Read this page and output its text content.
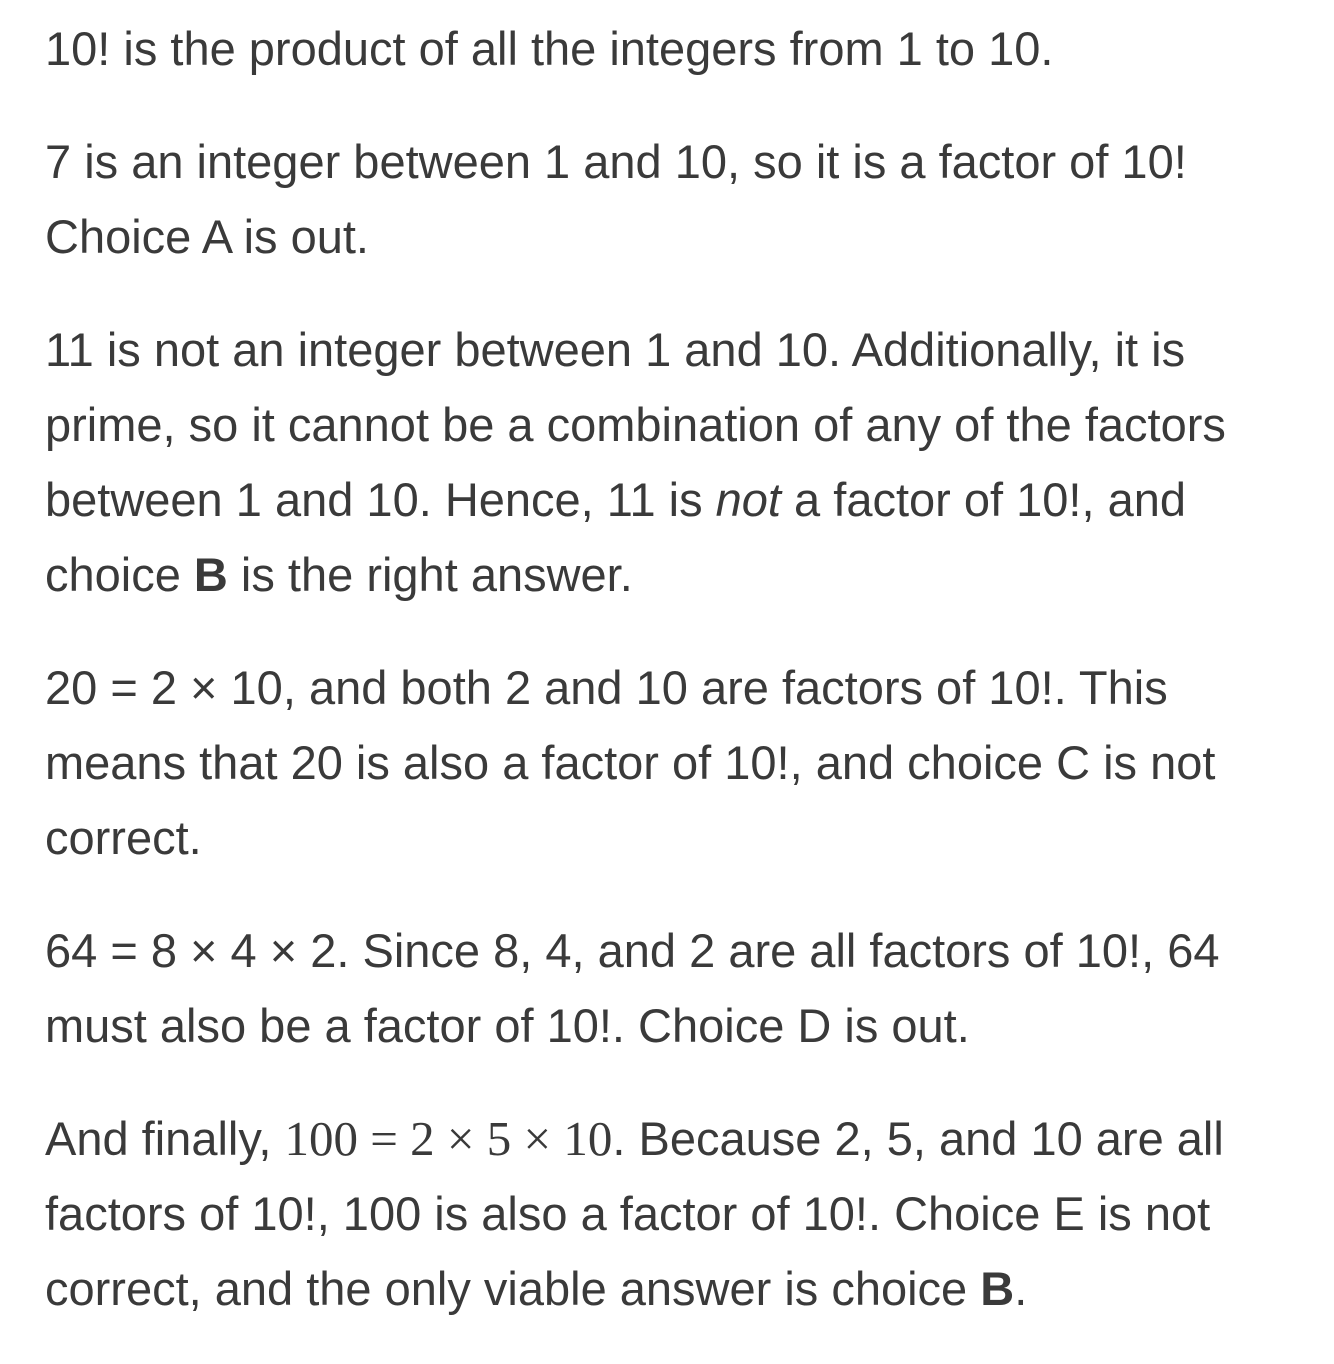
10! is the product of all the integers from 1 to 10.

7 is an integer between 1 and 10, so it is a factor of 10! Choice A is out.

11 is not an integer between 1 and 10. Additionally, it is prime, so it cannot be a combination of any of the factors between 1 and 10. Hence, 11 is not a factor of 10!, and choice B is the right answer.

20 = 2 × 10, and both 2 and 10 are factors of 10!. This means that 20 is also a factor of 10!, and choice C is not correct.

64 = 8 × 4 × 2. Since 8, 4, and 2 are all factors of 10!, 64 must also be a factor of 10!. Choice D is out.

And finally, 100 = 2 × 5 × 10. Because 2, 5, and 10 are all factors of 10!, 100 is also a factor of 10!. Choice E is not correct, and the only viable answer is choice B.
